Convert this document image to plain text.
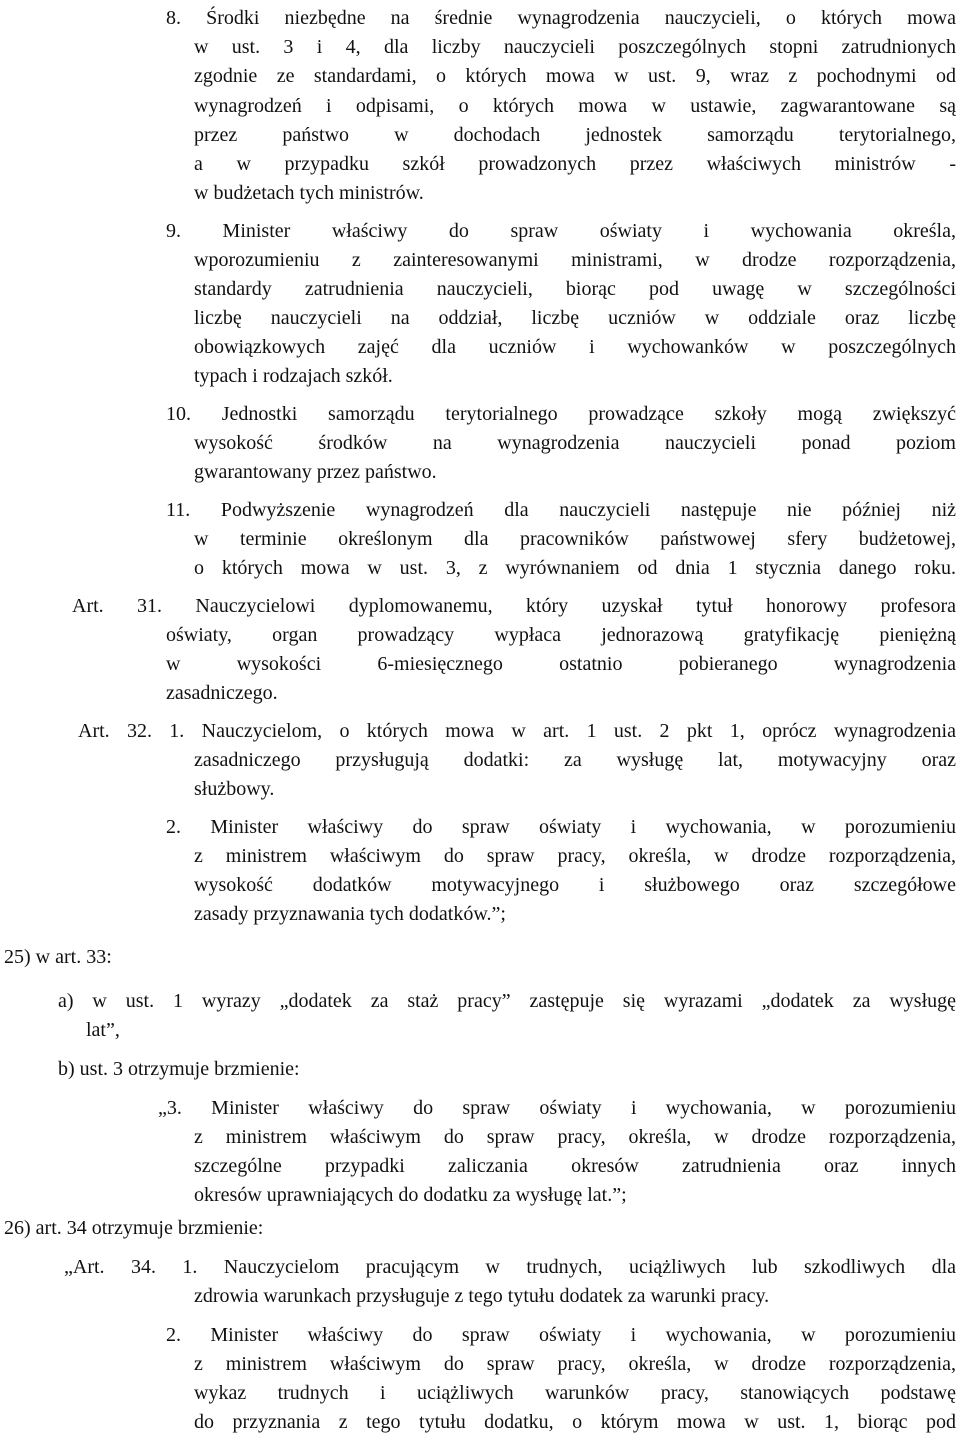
8. Środki niezbędne na średnie wynagrodzenia nauczycieli, o których mowa
w ust. 3 i 4, dla liczby nauczycieli poszczególnych stopni zatrudnionych
zgodnie ze standardami, o których mowa w ust. 9, wraz z pochodnymi od
wynagrodzeń i odpisami, o których mowa w ustawie, zagwarantowane są
przez państwo w dochodach jednostek samorządu terytorialnego,
a w przypadku szkół prowadzonych przez właściwych ministrów -
w budżetach tych ministrów.
9. Minister właściwy do spraw oświaty i wychowania określa,
wporozumieniu z zainteresowanymi ministrami, w drodze rozporządzenia,
standardy zatrudnienia nauczycieli, biorąc pod uwagę w szczególności
liczbę nauczycieli na oddział, liczbę uczniów w oddziale oraz liczbę
obowiązkowych zajęć dla uczniów i wychowanków w poszczególnych
typach i rodzajach szkół.
10. Jednostki samorządu terytorialnego prowadzące szkoły mogą zwiększyć
wysokość środków na wynagrodzenia nauczycieli ponad poziom
gwarantowany przez państwo.
11. Podwyższenie wynagrodzeń dla nauczycieli następuje nie później niż
w terminie określonym dla pracowników państwowej sfery budżetowej,
o których mowa w ust. 3, z wyrównaniem od dnia 1 stycznia danego roku.
Art. 31. Nauczycielowi dyplomowanemu, który uzyskał tytuł honorowy profesora
oświaty, organ prowadzący wypłaca jednorazową gratyfikację pieniężną
w wysokości 6-miesięcznego ostatnio pobieranego wynagrodzenia
zasadniczego.
Art. 32. 1. Nauczycielom, o których mowa w art. 1 ust. 2 pkt 1, oprócz wynagrodzenia
zasadniczego przysługują dodatki: za wysługę lat, motywacyjny oraz
służbowy.
2. Minister właściwy do spraw oświaty i wychowania, w porozumieniu
z ministrem właściwym do spraw pracy, określa, w drodze rozporządzenia,
wysokość dodatków motywacyjnego i służbowego oraz szczegółowe
zasady przyznawania tych dodatków.”;
25) w art. 33:
a) w ust. 1 wyrazy „dodatek za staż pracy” zastępuje się wyrazami „dodatek za wysługę
lat”,
b) ust. 3 otrzymuje brzmienie:
„3. Minister właściwy do spraw oświaty i wychowania, w porozumieniu
z ministrem właściwym do spraw pracy, określa, w drodze rozporządzenia,
szczególne przypadki zaliczania okresów zatrudnienia oraz innych
okresów uprawniających do dodatku za wysługę lat.”;
26) art. 34 otrzymuje brzmienie:
„Art. 34. 1. Nauczycielom pracującym w trudnych, uciążliwych lub szkodliwych dla
zdrowia warunkach przysługuje z tego tytułu dodatek za warunki pracy.
2. Minister właściwy do spraw oświaty i wychowania, w porozumieniu
z ministrem właściwym do spraw pracy, określa, w drodze rozporządzenia,
wykaz trudnych i uciążliwych warunków pracy, stanowiących podstawę
do przyznania z tego tytułu dodatku, o którym mowa w ust. 1, biorąc pod
